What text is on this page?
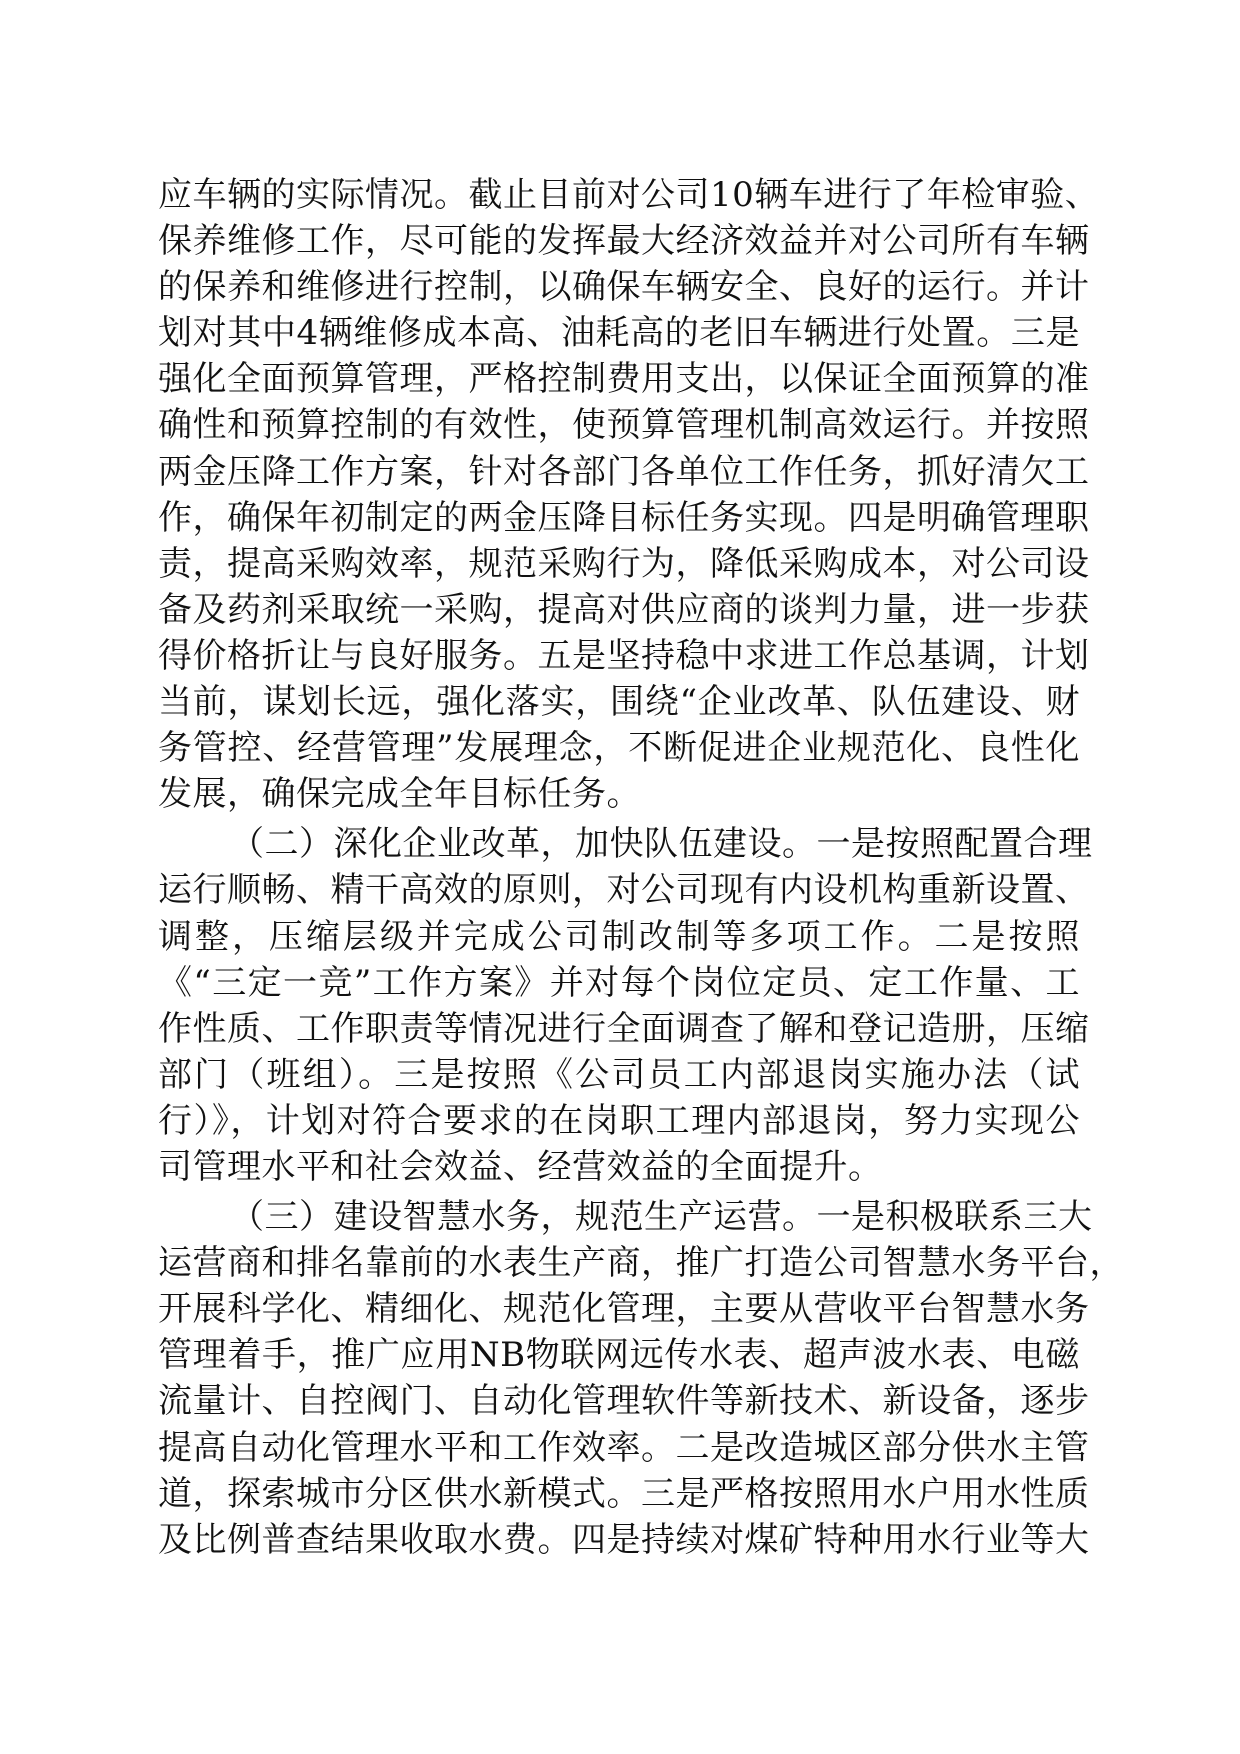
应车辆的实际情况。截止目前对公司10辆车进行了年检审验、
保养维修工作，尽可能的发挥最大经济效益并对公司所有车辆
的保养和维修进行控制，以确保车辆安全、良好的运行。并计
划对其中4辆维修成本高、油耗高的老旧车辆进行处置。三是
强化全面预算管理，严格控制费用支出，以保证全面预算的准
确性和预算控制的有效性，使预算管理机制高效运行。并按照
两金压降工作方案，针对各部门各单位工作任务，抓好清欠工
作，确保年初制定的两金压降目标任务实现。四是明确管理职
责，提高采购效率，规范采购行为，降低采购成本，对公司设
备及药剂采取统一采购，提高对供应商的谈判力量，进一步获
得价格折让与良好服务。五是坚持稳中求进工作总基调，计划
当前，谋划长远，强化落实，围绕“企业改革、队伍建设、财
务管控、经营管理”发展理念，不断促进企业规范化、良性化
发展，确保完成全年目标任务。
（二）深化企业改革，加快队伍建设。一是按照配置合理
运行顺畅、精干高效的原则，对公司现有内设机构重新设置、
调整，压缩层级并完成公司制改制等多项工作。二是按照
《“三定一竞”工作方案》并对每个岗位定员、定工作量、工
作性质、工作职责等情况进行全面调查了解和登记造册，压缩
部门（班组）。三是按照《公司员工内部退岗实施办法（试
行）》，计划对符合要求的在岗职工理内部退岗，努力实现公
司管理水平和社会效益、经营效益的全面提升。
（三）建设智慧水务，规范生产运营。一是积极联系三大
运营商和排名靠前的水表生产商，推广打造公司智慧水务平台，
开展科学化、精细化、规范化管理，主要从营收平台智慧水务
管理着手，推广应用NB物联网远传水表、超声波水表、电磁
流量计、自控阀门、自动化管理软件等新技术、新设备，逐步
提高自动化管理水平和工作效率。二是改造城区部分供水主管
道，探索城市分区供水新模式。三是严格按照用水户用水性质
及比例普查结果收取水费。四是持续对煤矿特种用水行业等大
